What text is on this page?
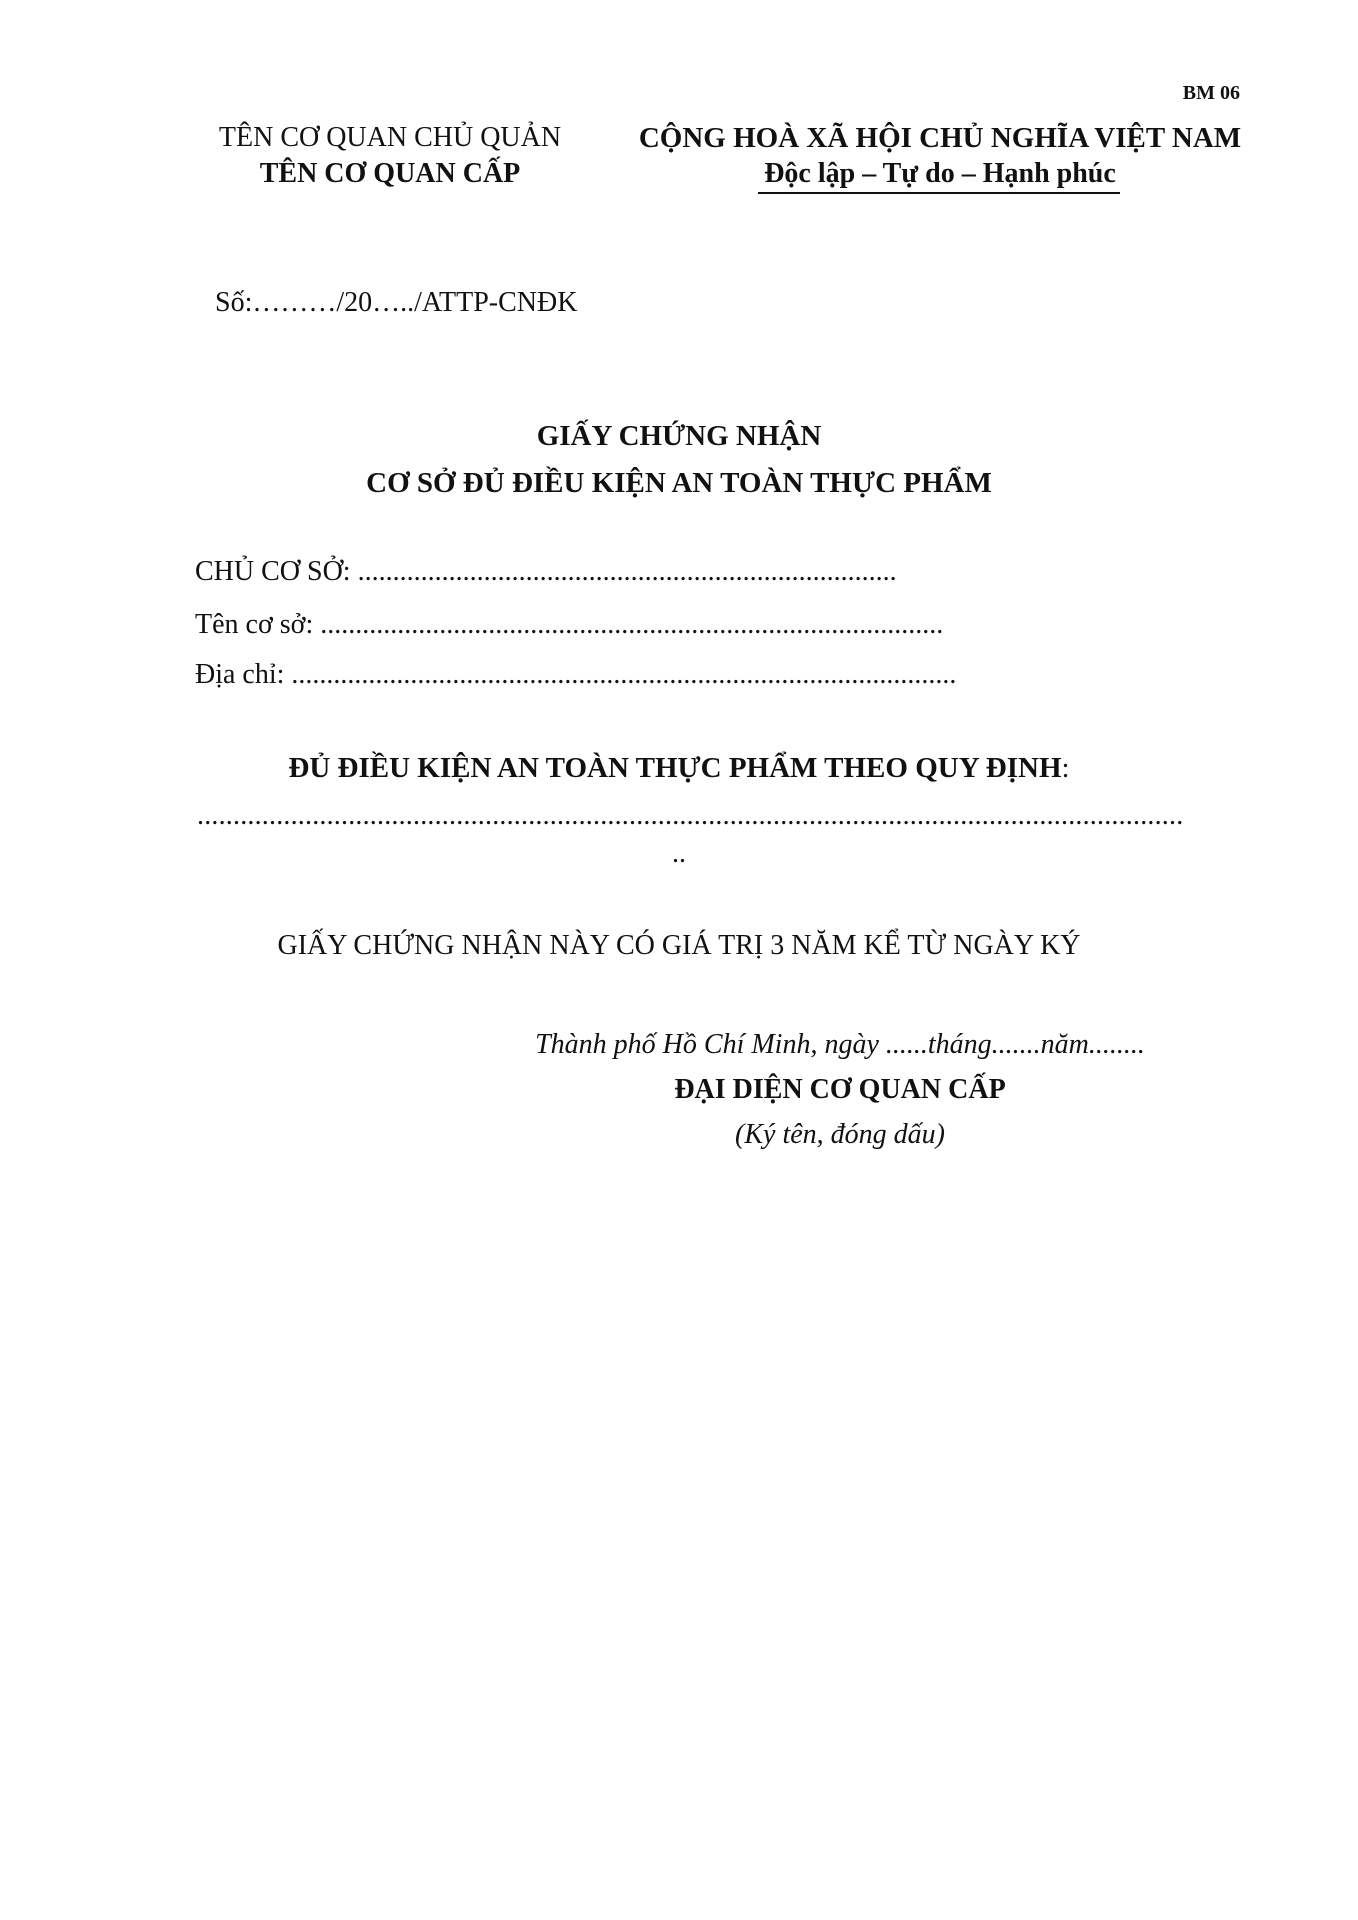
BM 06
TÊN CƠ QUAN CHỦ QUẢN
TÊN CƠ QUAN CẤP
CỘNG HOÀ XÃ HỘI CHỦ NGHĨA VIỆT NAM
Độc lập – Tự do – Hạnh phúc
Số:………/20…../ATTP-CNĐK
GIẤY CHỨNG NHẬN
CƠ SỞ ĐỦ ĐIỀU KIỆN AN TOÀN THỰC PHẨM
CHỦ CƠ SỞ: .............................................................................
Tên cơ sở: .........................................................................................
Địa chỉ: ...............................................................................................
ĐỦ ĐIỀU KIỆN AN TOÀN THỰC PHẨM THEO QUY ĐỊNH:
.........................................................................................................................................
..
GIẤY CHỨNG NHẬN NÀY CÓ GIÁ TRỊ 3 NĂM KỂ TỪ NGÀY KÝ
Thành phố Hồ Chí Minh, ngày ......tháng.......năm........
ĐẠI DIỆN CƠ QUAN CẤP
(Ký tên, đóng dấu)
